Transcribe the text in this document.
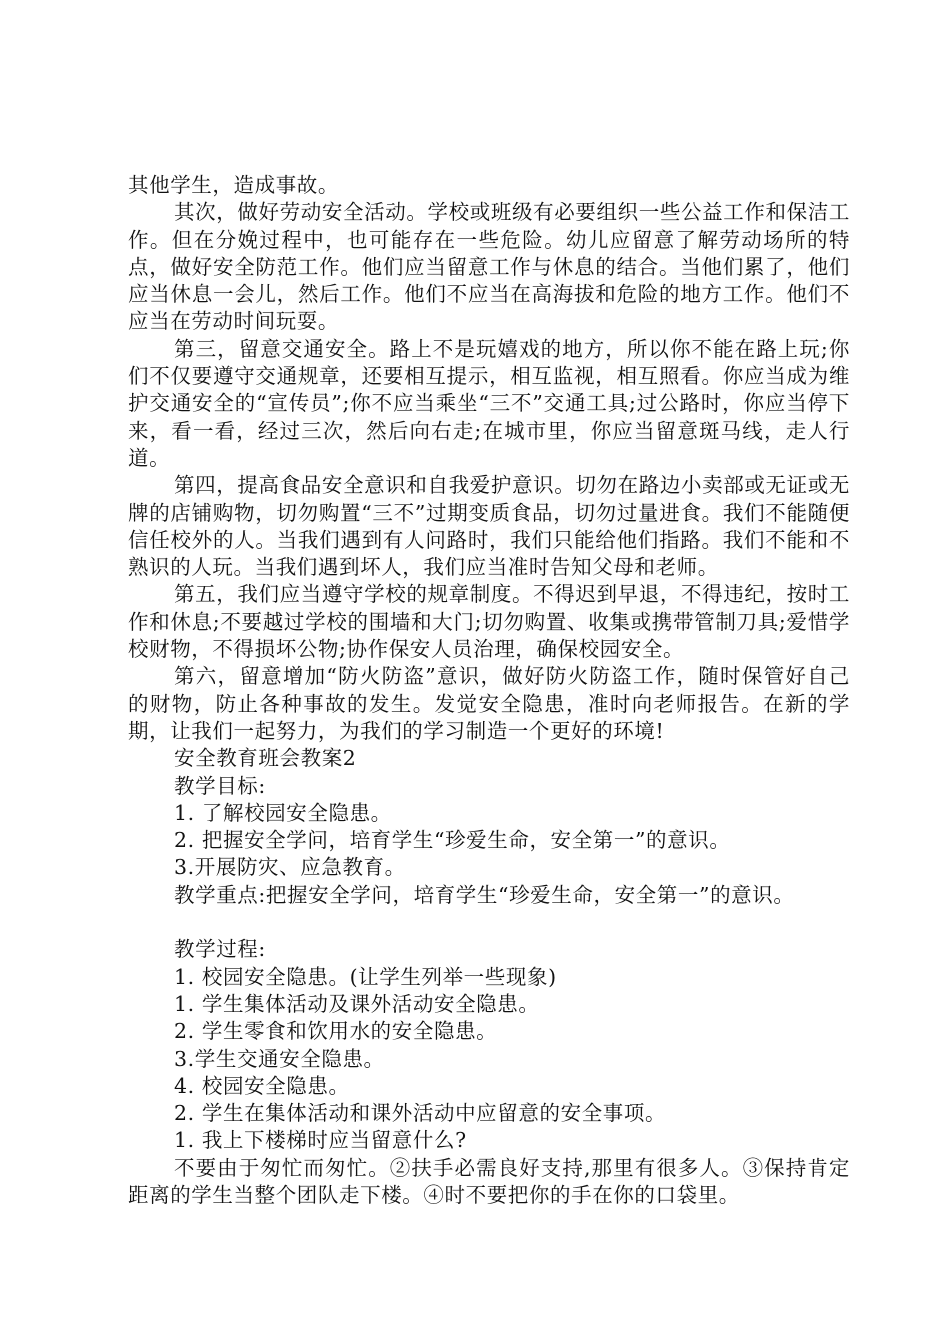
其他学生，造成事故。

其次，做好劳动安全活动。学校或班级有必要组织一些公益工作和保洁工作。但在分娩过程中，也可能存在一些危险。幼儿应留意了解劳动场所的特点，做好安全防范工作。他们应当留意工作与休息的结合。当他们累了，他们应当休息一会儿，然后工作。他们不应当在高海拔和危险的地方工作。他们不应当在劳动时间玩耍。

第三，留意交通安全。路上不是玩嬉戏的地方，所以你不能在路上玩;你们不仅要遵守交通规章，还要相互提示，相互监视，相互照看。你应当成为维护交通安全的“宣传员”;你不应当乘坐“三不”交通工具;过公路时，你应当停下来，看一看，经过三次，然后向右走;在城市里，你应当留意斑马线，走人行道。

第四，提高食品安全意识和自我爱护意识。切勿在路边小卖部或无证或无牌的店铺购物，切勿购置“三不”过期变质食品，切勿过量进食。我们不能随便信任校外的人。当我们遇到有人问路时，我们只能给他们指路。我们不能和不熟识的人玩。当我们遇到坏人，我们应当准时告知父母和老师。

第五，我们应当遵守学校的规章制度。不得迟到早退，不得违纪，按时工作和休息;不要越过学校的围墙和大门;切勿购置、收集或携带管制刀具;爱惜学校财物，不得损坏公物;协作保安人员治理，确保校园安全。

第六，留意增加“防火防盗”意识，做好防火防盗工作，随时保管好自己的财物，防止各种事故的发生。发觉安全隐患，准时向老师报告。在新的学期，让我们一起努力，为我们的学习制造一个更好的环境!

安全教育班会教案2

教学目标:

1. 了解校园安全隐患。

2. 把握安全学问，培育学生“珍爱生命，安全第一”的意识。

3.开展防灾、应急教育。

教学重点:把握安全学问，培育学生“珍爱生命，安全第一”的意识。

教学过程:

1. 校园安全隐患。(让学生列举一些现象)

1. 学生集体活动及课外活动安全隐患。

2. 学生零食和饮用水的安全隐患。

3.学生交通安全隐患。

4. 校园安全隐患。

2. 学生在集体活动和课外活动中应留意的安全事项。

1. 我上下楼梯时应当留意什么?

不要由于匆忙而匆忙。②扶手必需良好支持,那里有很多人。③保持肯定距离的学生当整个团队走下楼。④时不要把你的手在你的口袋里。
